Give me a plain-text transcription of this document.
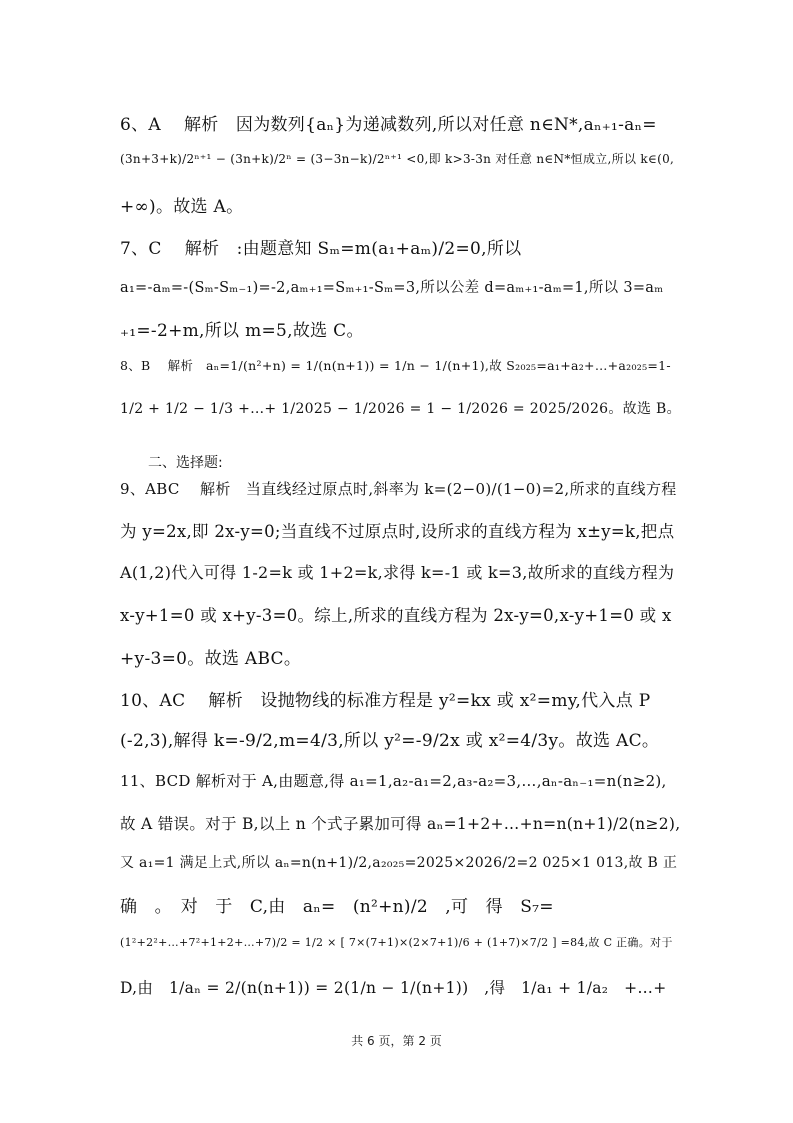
6、A　 解析　因为数列{aₙ}为递减数列,所以对任意 n∈N*,aₙ₊₁-aₙ=
(3n+3+k)/2ⁿ⁺¹ − (3n+k)/2ⁿ = (3−3n−k)/2ⁿ⁺¹ <0,即 k>3-3n 对任意 n∈N*恒成立,所以 k∈(0,
+∞)。故选 A。
7、C　 解析　:由题意知 Sₘ=m(a₁+aₘ)/2=0,所以
a₁=-aₘ=-(Sₘ-Sₘ₋₁)=-2,aₘ₊₁=Sₘ₊₁-Sₘ=3,所以公差 d=aₘ₊₁-aₘ=1,所以 3=aₘ
₊₁=-2+m,所以 m=5,故选 C。
8、B　 解析　aₙ=1/(n²+n) = 1/(n(n+1)) = 1/n − 1/(n+1),故 S₂₀₂₅=a₁+a₂+…+a₂₀₂₅=1-
1/2 + 1/2 − 1/3 +…+ 1/2025 − 1/2026 = 1 − 1/2026 = 2025/2026。故选 B。
二、选择题:
9、ABC　 解析　当直线经过原点时,斜率为 k=(2−0)/(1−0)=2,所求的直线方程
为 y=2x,即 2x-y=0;当直线不过原点时,设所求的直线方程为 x±y=k,把点
A(1,2)代入可得 1-2=k 或 1+2=k,求得 k=-1 或 k=3,故所求的直线方程为
x-y+1=0 或 x+y-3=0。综上,所求的直线方程为 2x-y=0,x-y+1=0 或 x
+y-3=0。故选 ABC。
10、AC　 解析　设抛物线的标准方程是 y²=kx 或 x²=my,代入点 P
(-2,3),解得 k=-9/2,m=4/3,所以 y²=-9/2x 或 x²=4/3y。故选 AC。
11、BCD 解析对于 A,由题意,得 a₁=1,a₂-a₁=2,a₃-a₂=3,…,aₙ-aₙ₋₁=n(n≥2),
故 A 错误。对于 B,以上 n 个式子累加可得 aₙ=1+2+…+n=n(n+1)/2(n≥2),
又 a₁=1 满足上式,所以 aₙ=n(n+1)/2,a₂₀₂₅=2025×2026/2=2 025×1 013,故 B 正
确　。　对　于　C,由　aₙ=　(n²+n)/2　,可　得　S₇=
(1²+2²+…+7²+1+2+…+7)/2 = 1/2 × [ 7×(7+1)×(2×7+1)/6 + (1+7)×7/2 ] =84,故 C 正确。对于
D,由　1/aₙ = 2/(n(n+1)) = 2(1/n − 1/(n+1))　,得　1/a₁ + 1/a₂　+…+
共 6 页，第 2 页
